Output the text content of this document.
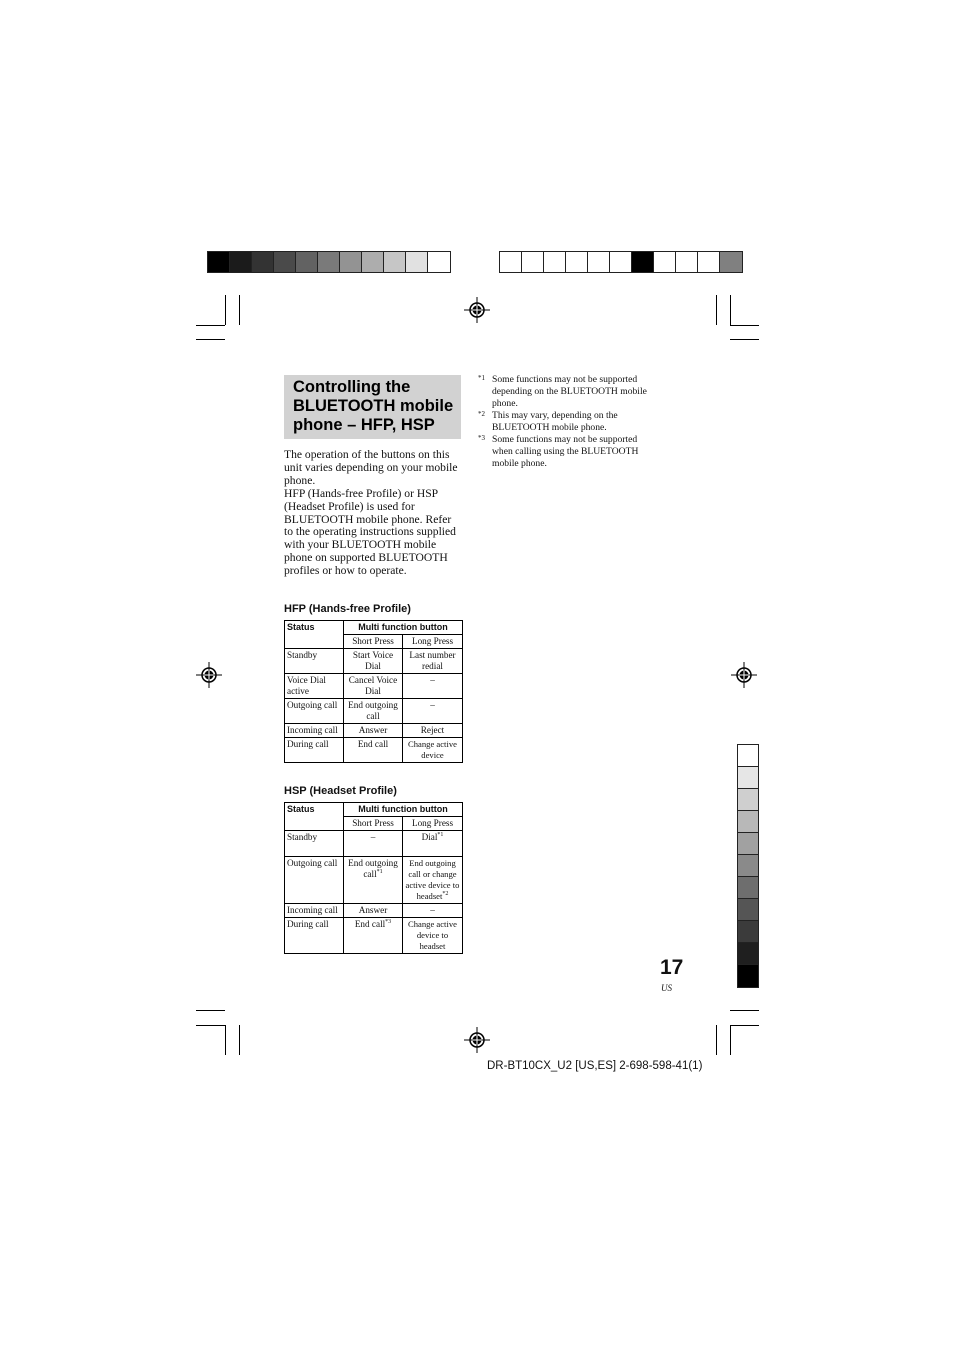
Controlling the BLUETOOTH mobile phone – HFP, HSP

The operation of the buttons on this unit varies depending on your mobile phone.

HFP (Hands-free Profile) or HSP (Headset Profile) is used for BLUETOOTH mobile phone. Refer to the operating instructions supplied with your BLUETOOTH mobile phone on supported BLUETOOTH profiles or how to operate.

HFP (Hands-free Profile)

Status	Multi function button	
	Short Press	Long Press
Standby	Start Voice Dial	Last number redial
Voice Dial active	Cancel Voice Dial	–
Outgoing call	End outgoing call	–
Incoming call	Answer	Reject
During call	End call	Change active device

HSP (Headset Profile)

Status	Multi function button	
	Short Press	Long Press
Standby	–	Dial$^{*1}$
Outgoing call	End outgoing call$^{*1}$	End outgoing call or change active device to headset$^{*2}$
Incoming call	Answer	–
During call	End call$^{*3}$	Change active device to headset
*1 Some functions may not be supported depending on the BLUETOOTH mobile phone.
*2 This may vary, depending on the BLUETOOTH mobile phone.
*3 Some functions may not be supported when calling using the BLUETOOTH mobile phone.

17

US

DR-BT10CX_U2 [US,ES] 2-698-598-41(1)
